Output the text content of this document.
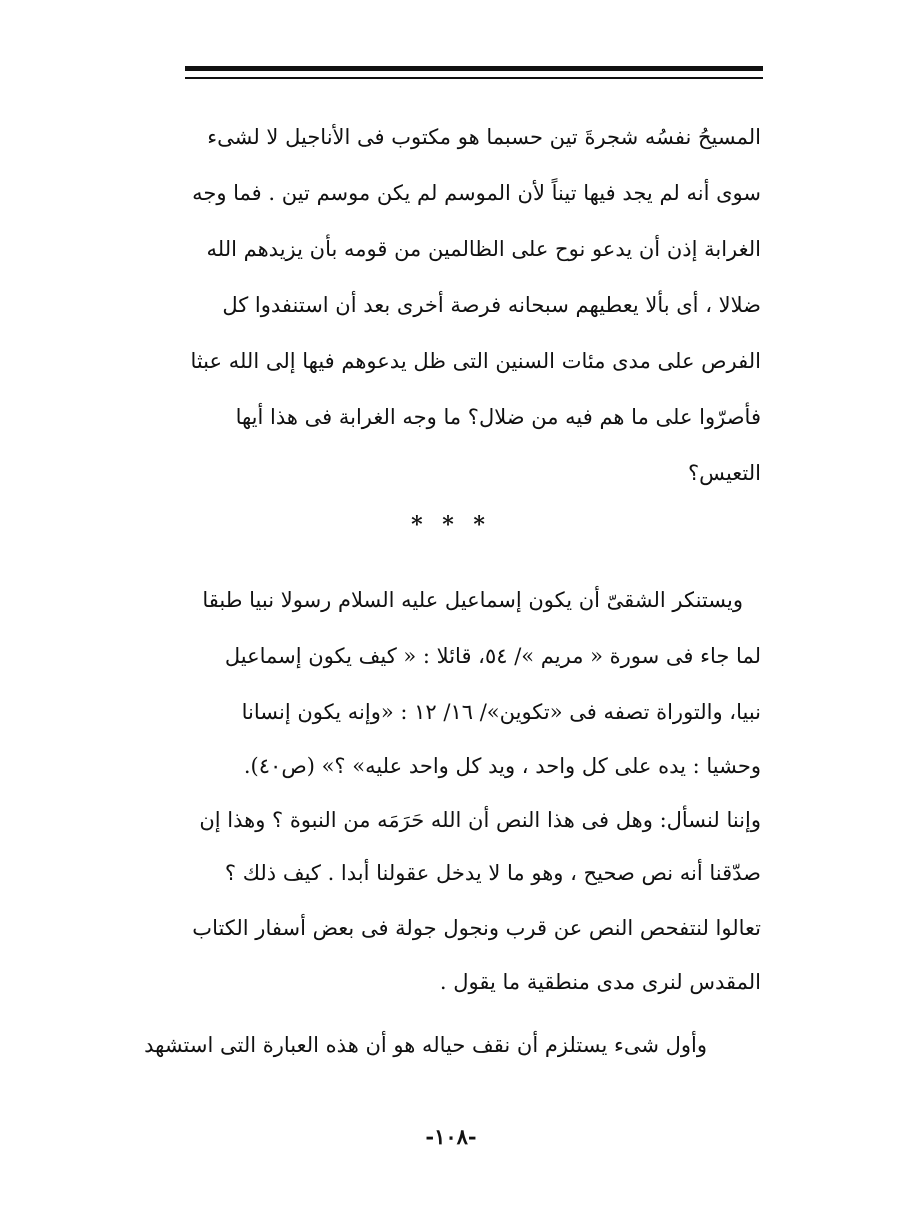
المسيحُ نفسُه شجرةَ تين حسبما هو مكتوب فى الأناجيل لا لشىء
سوى أنه لم يجد فيها تيناً لأن الموسم لم يكن موسم تين . فما وجه
الغرابة إذن أن يدعو نوح على الظالمين من قومه بأن يزيدهم الله
ضلالا ، أى بألا يعطيهم سبحانه فرصة أخرى بعد أن استنفدوا كل
الفرص على مدى مئات السنين التى ظل يدعوهم فيها إلى الله عبثا
فأصرّوا على ما هم فيه من ضلال؟ ما وجه الغرابة فى هذا أيها
التعيس؟
* * *
ويستنكر الشقىّ أن يكون إسماعيل عليه السلام رسولا نبيا طبقا
لما جاء فى سورة « مريم »/ ٥٤، قائلا : « كيف يكون إسماعيل
نبيا، والتوراة تصفه فى «تكوين»/ ١٦/ ١٢ : «وإنه يكون إنسانا
وحشيا : يده على كل واحد ، ويد كل واحد عليه» ؟» (ص٤٠).
وإننا لنسأل: وهل فى هذا النص أن الله حَرَمَه من النبوة ؟ وهذا إن
صدّقنا أنه نص صحيح ، وهو ما لا يدخل عقولنا أبدا . كيف ذلك ؟
تعالوا لنتفحص النص عن قرب ونجول جولة فى بعض أسفار الكتاب
المقدس لنرى مدى منطقية ما يقول .
وأول شىء يستلزم أن نقف حياله هو أن هذه العبارة التى استشهد
-١٠٨-
